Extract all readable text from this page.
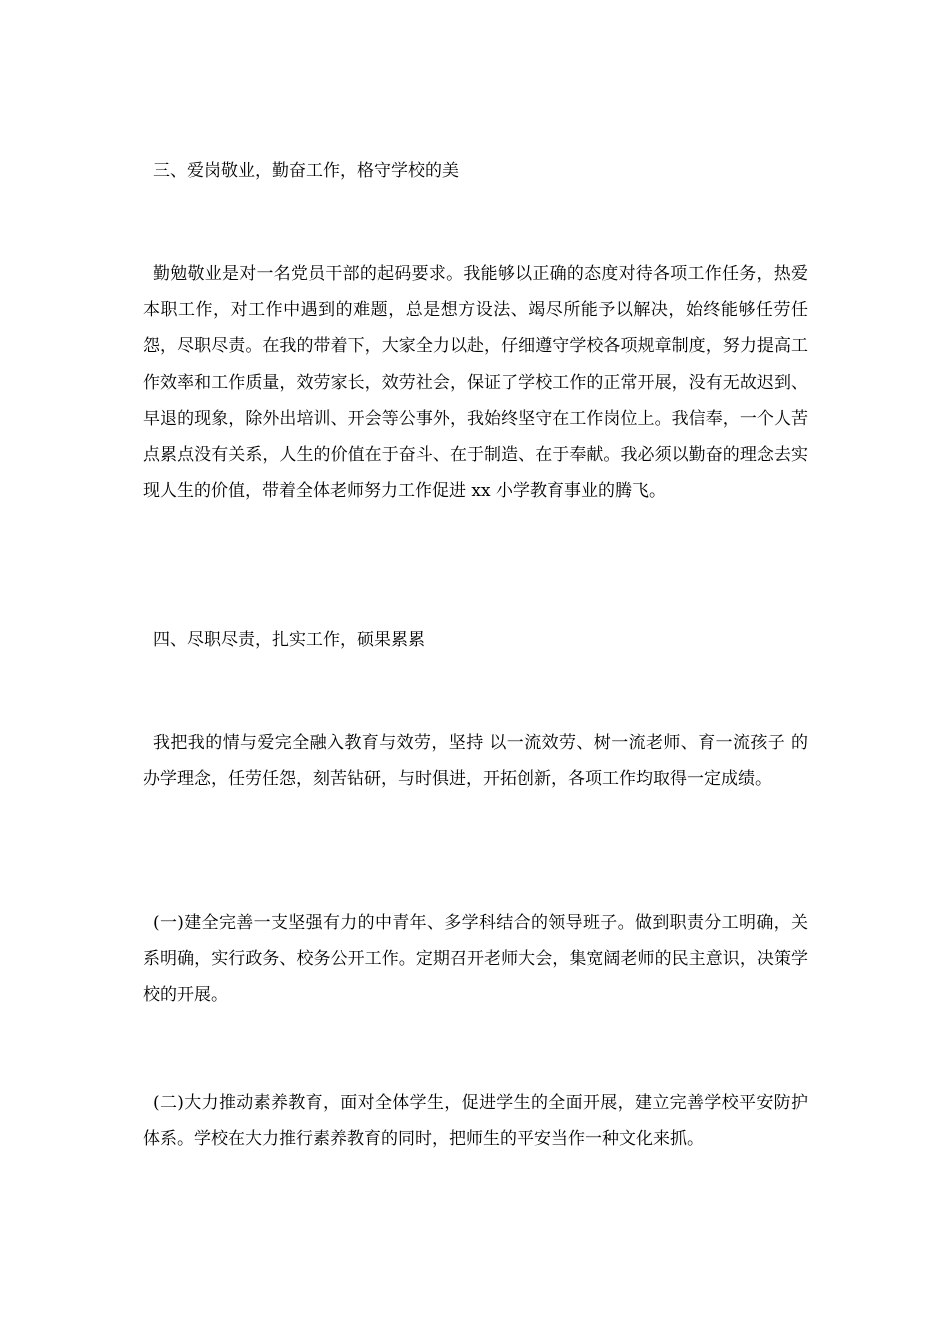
三、爱岗敬业，勤奋工作，格守学校的美

勤勉敬业是对一名党员干部的起码要求。我能够以正确的态度对待各项工作任务，热爱本职工作，对工作中遇到的难题，总是想方设法、竭尽所能予以解决，始终能够任劳任怨，尽职尽责。在我的带着下，大家全力以赴，仔细遵守学校各项规章制度，努力提高工作效率和工作质量，效劳家长，效劳社会，保证了学校工作的正常开展，没有无故迟到、早退的现象，除外出培训、开会等公事外，我始终坚守在工作岗位上。我信奉，一个人苦点累点没有关系，人生的价值在于奋斗、在于制造、在于奉献。我必须以勤奋的理念去实现人生的价值，带着全体老师努力工作促进 xx 小学教育事业的腾飞。

四、尽职尽责，扎实工作，硕果累累

我把我的情与爱完全融入教育与效劳，坚持 以一流效劳、树一流老师、育一流孩子 的办学理念，任劳任怨，刻苦钻研，与时俱进，开拓创新，各项工作均取得一定成绩。

(一)建全完善一支坚强有力的中青年、多学科结合的领导班子。做到职责分工明确，关系明确，实行政务、校务公开工作。定期召开老师大会，集宽阔老师的民主意识，决策学校的开展。

(二)大力推动素养教育，面对全体学生，促进学生的全面开展，建立完善学校平安防护体系。学校在大力推行素养教育的同时，把师生的平安当作一种文化来抓。
